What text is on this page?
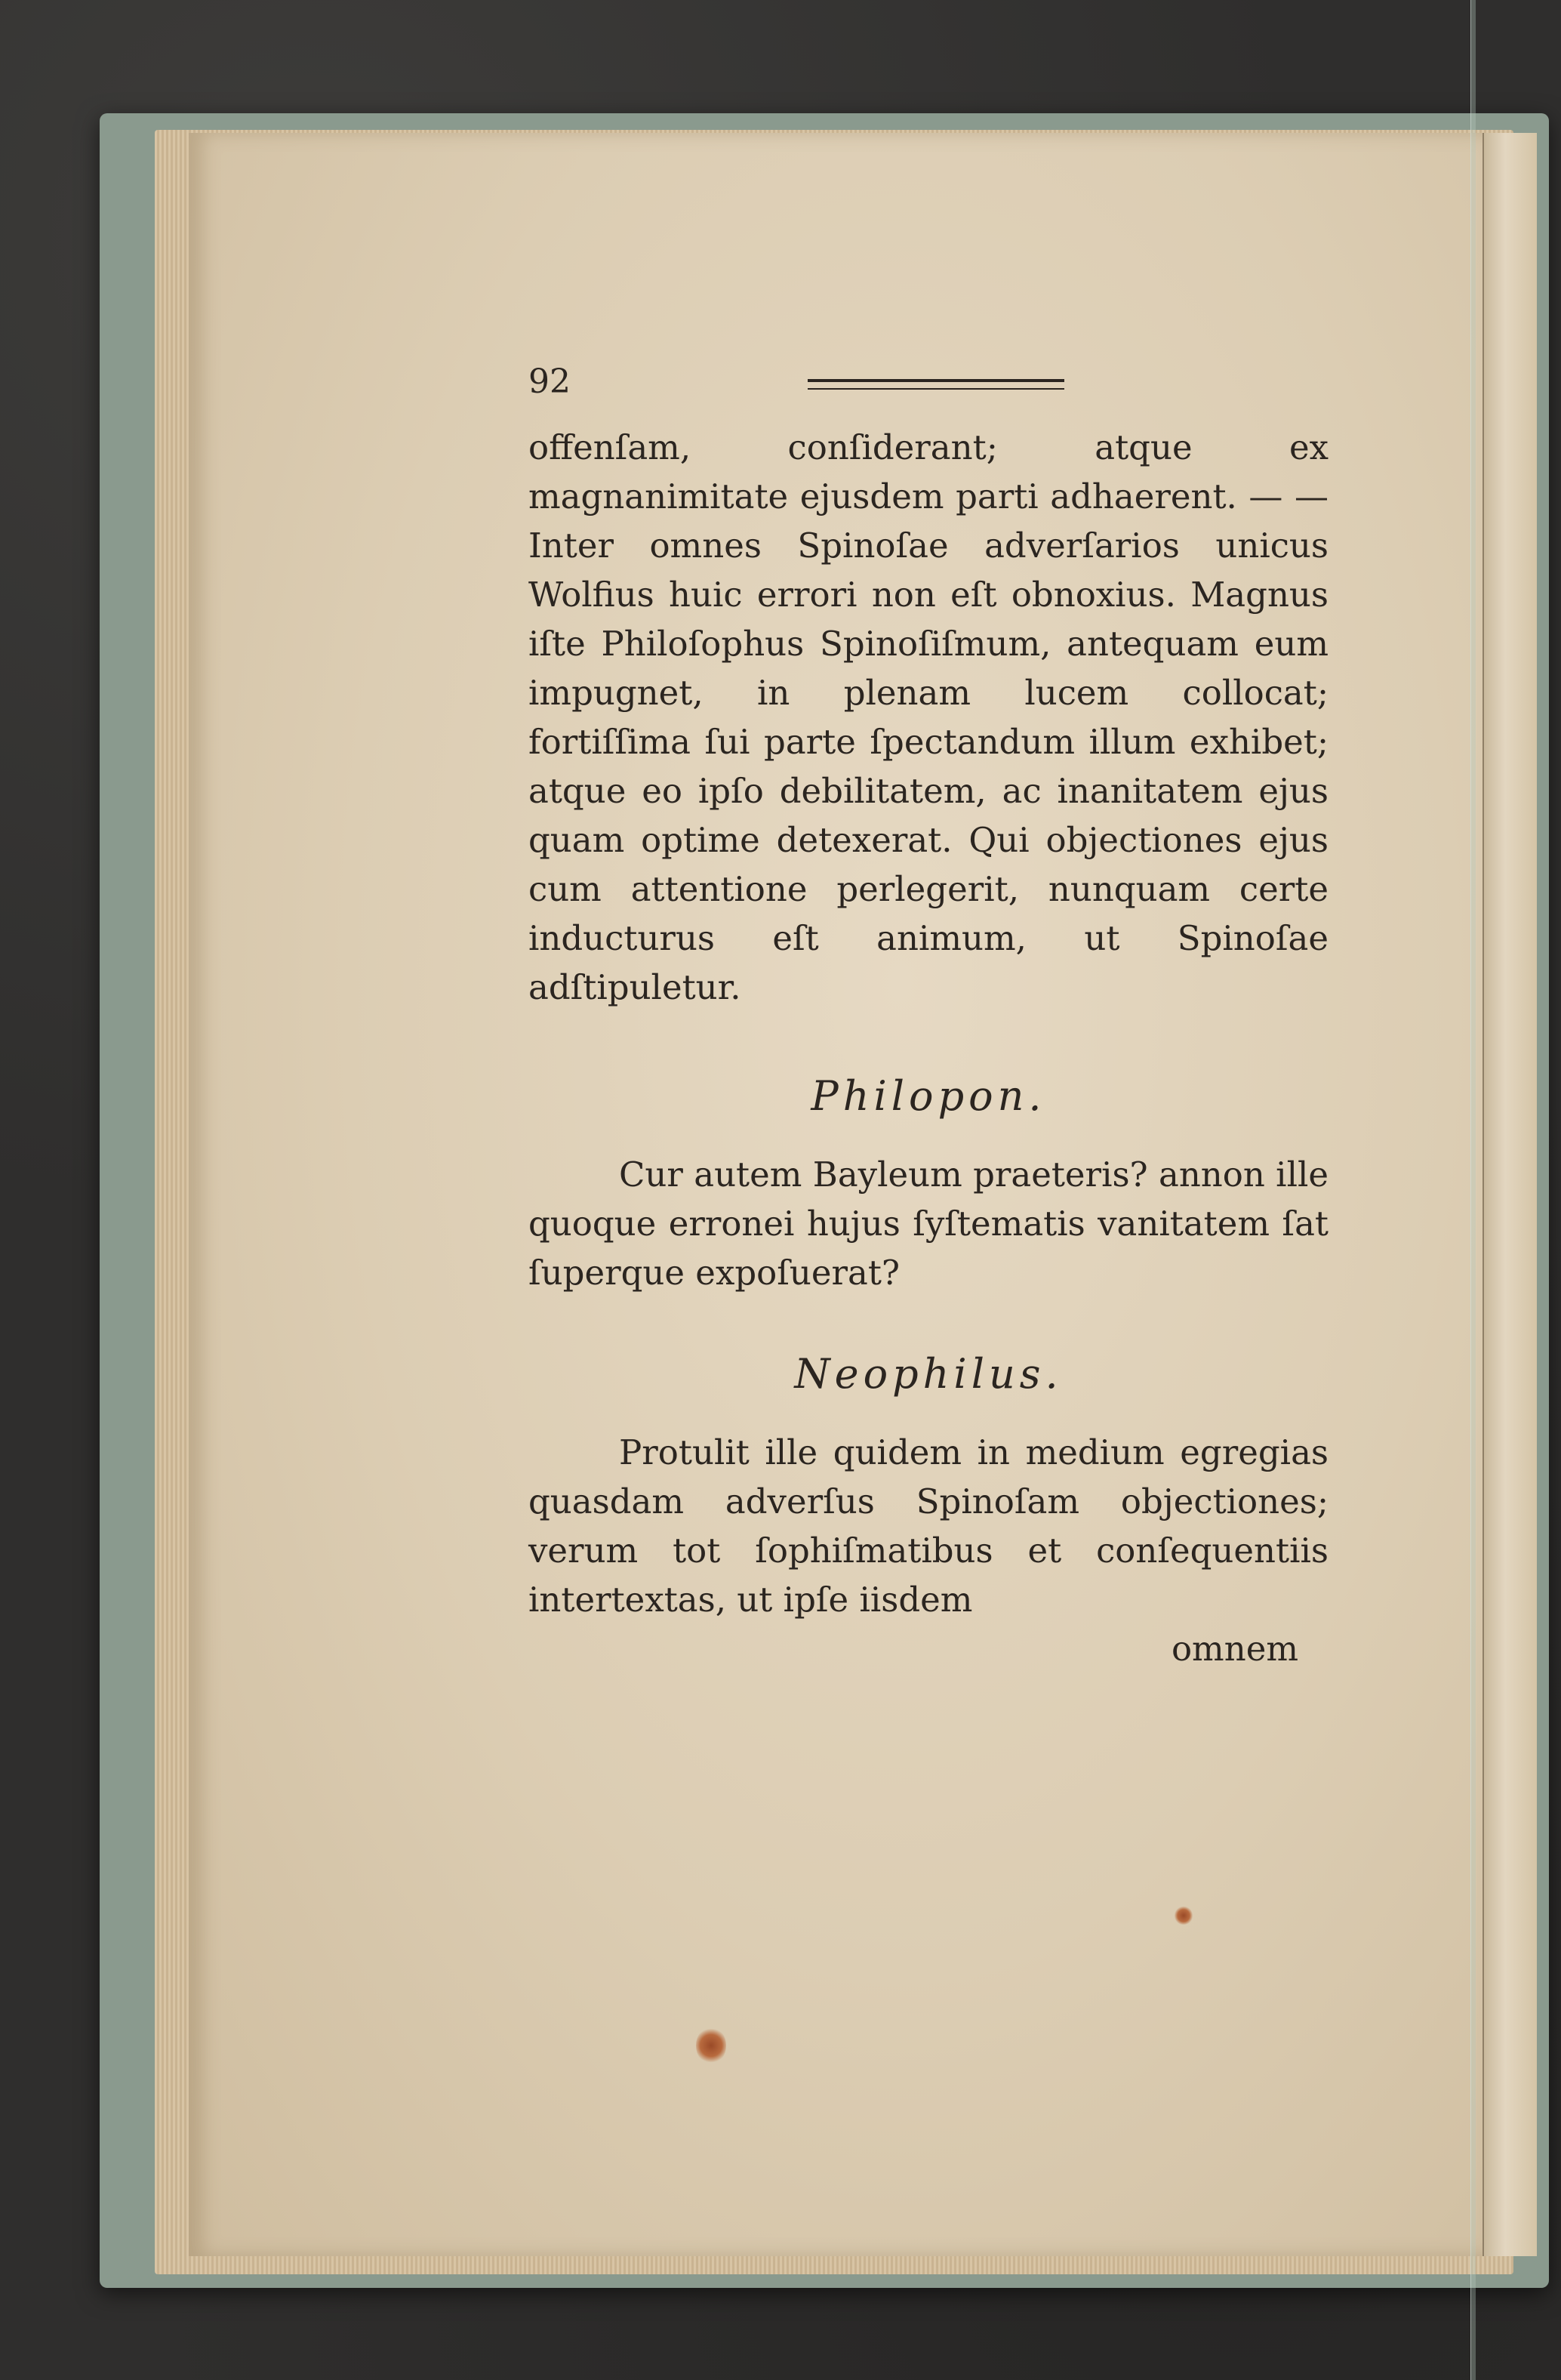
92

offenſam, conſiderant; atque ex magnanimitate ejusdem parti adhaerent. — — Inter omnes Spinoſae adverſarios unicus Wolfius huic errori non eſt obnoxius. Magnus iſte Philoſophus Spinoſiſmum, antequam eum impugnet, in plenam lucem collocat; fortiſſima ſui parte ſpectandum illum exhibet; atque eo ipſo debilitatem, ac inanitatem ejus quam optime detexerat. Qui objectiones ejus cum attentione perlegerit, nunquam certe inducturus eſt animum, ut Spinoſae adſtipuletur.

Philopon.

Cur autem Bayleum praeteris? annon ille quoque erronei hujus ſyſtematis vanitatem ſat ſuperque expoſuerat?

Neophilus.

Protulit ille quidem in medium egregias quasdam adverſus Spinoſam objectiones; verum tot ſophiſmatibus et conſequentiis intertextas, ut ipſe iisdem

omnem
